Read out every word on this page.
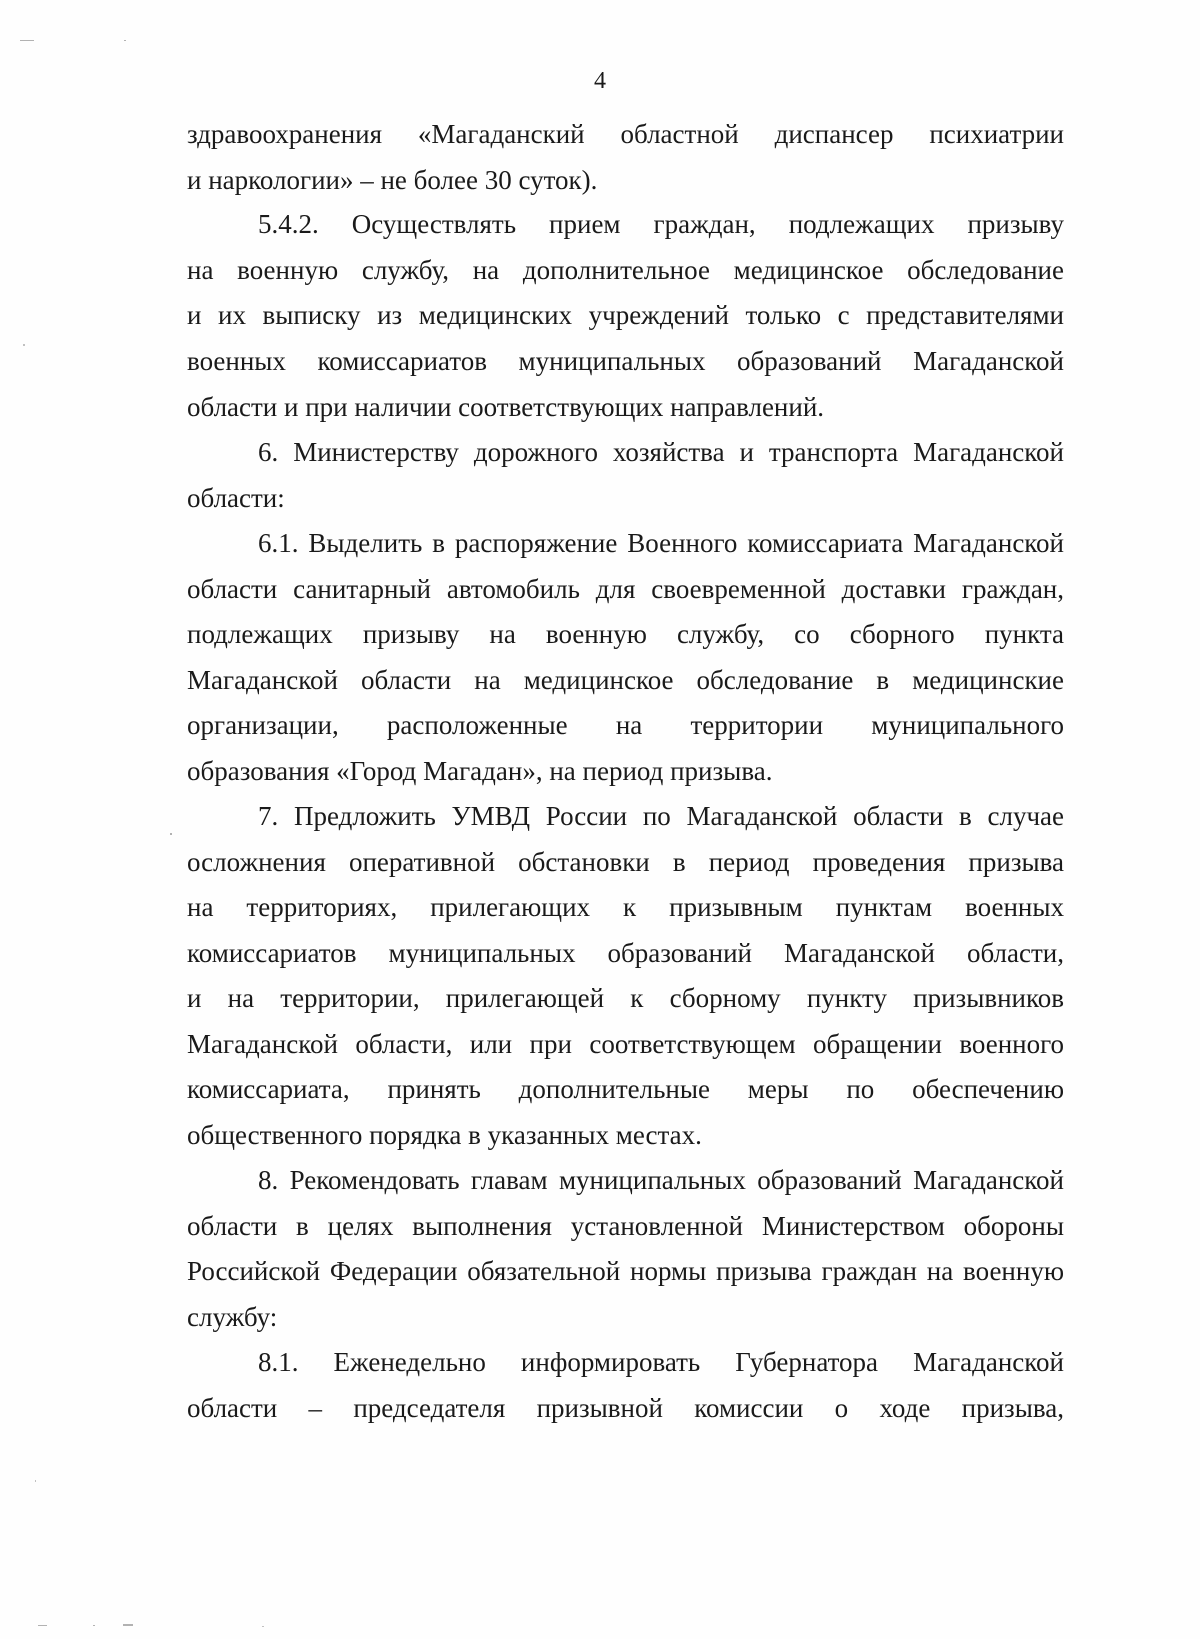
4
здравоохранения «Магаданский областной диспансер психиатрии
и наркологии» – не более 30 суток).
5.4.2. Осуществлять прием граждан, подлежащих призыву
на военную службу, на дополнительное медицинское обследование
и их выписку из медицинских учреждений только с представителями
военных комиссариатов муниципальных образований Магаданской
области и при наличии соответствующих направлений.
6. Министерству дорожного хозяйства и транспорта Магаданской
области:
6.1. Выделить в распоряжение Военного комиссариата Магаданской
области санитарный автомобиль для своевременной доставки граждан,
подлежащих призыву на военную службу, со сборного пункта
Магаданской области на медицинское обследование в медицинские
организации, расположенные на территории муниципального
образования «Город Магадан», на период призыва.
7. Предложить УМВД России по Магаданской области в случае
осложнения оперативной обстановки в период проведения призыва
на территориях, прилегающих к призывным пунктам военных
комиссариатов муниципальных образований Магаданской области,
и на территории, прилегающей к сборному пункту призывников
Магаданской области, или при соответствующем обращении военного
комиссариата, принять дополнительные меры по обеспечению
общественного порядка в указанных местах.
8. Рекомендовать главам муниципальных образований Магаданской
области в целях выполнения установленной Министерством обороны
Российской Федерации обязательной нормы призыва граждан на военную
службу:
8.1. Еженедельно информировать Губернатора Магаданской
области – председателя призывной комиссии о ходе призыва,
